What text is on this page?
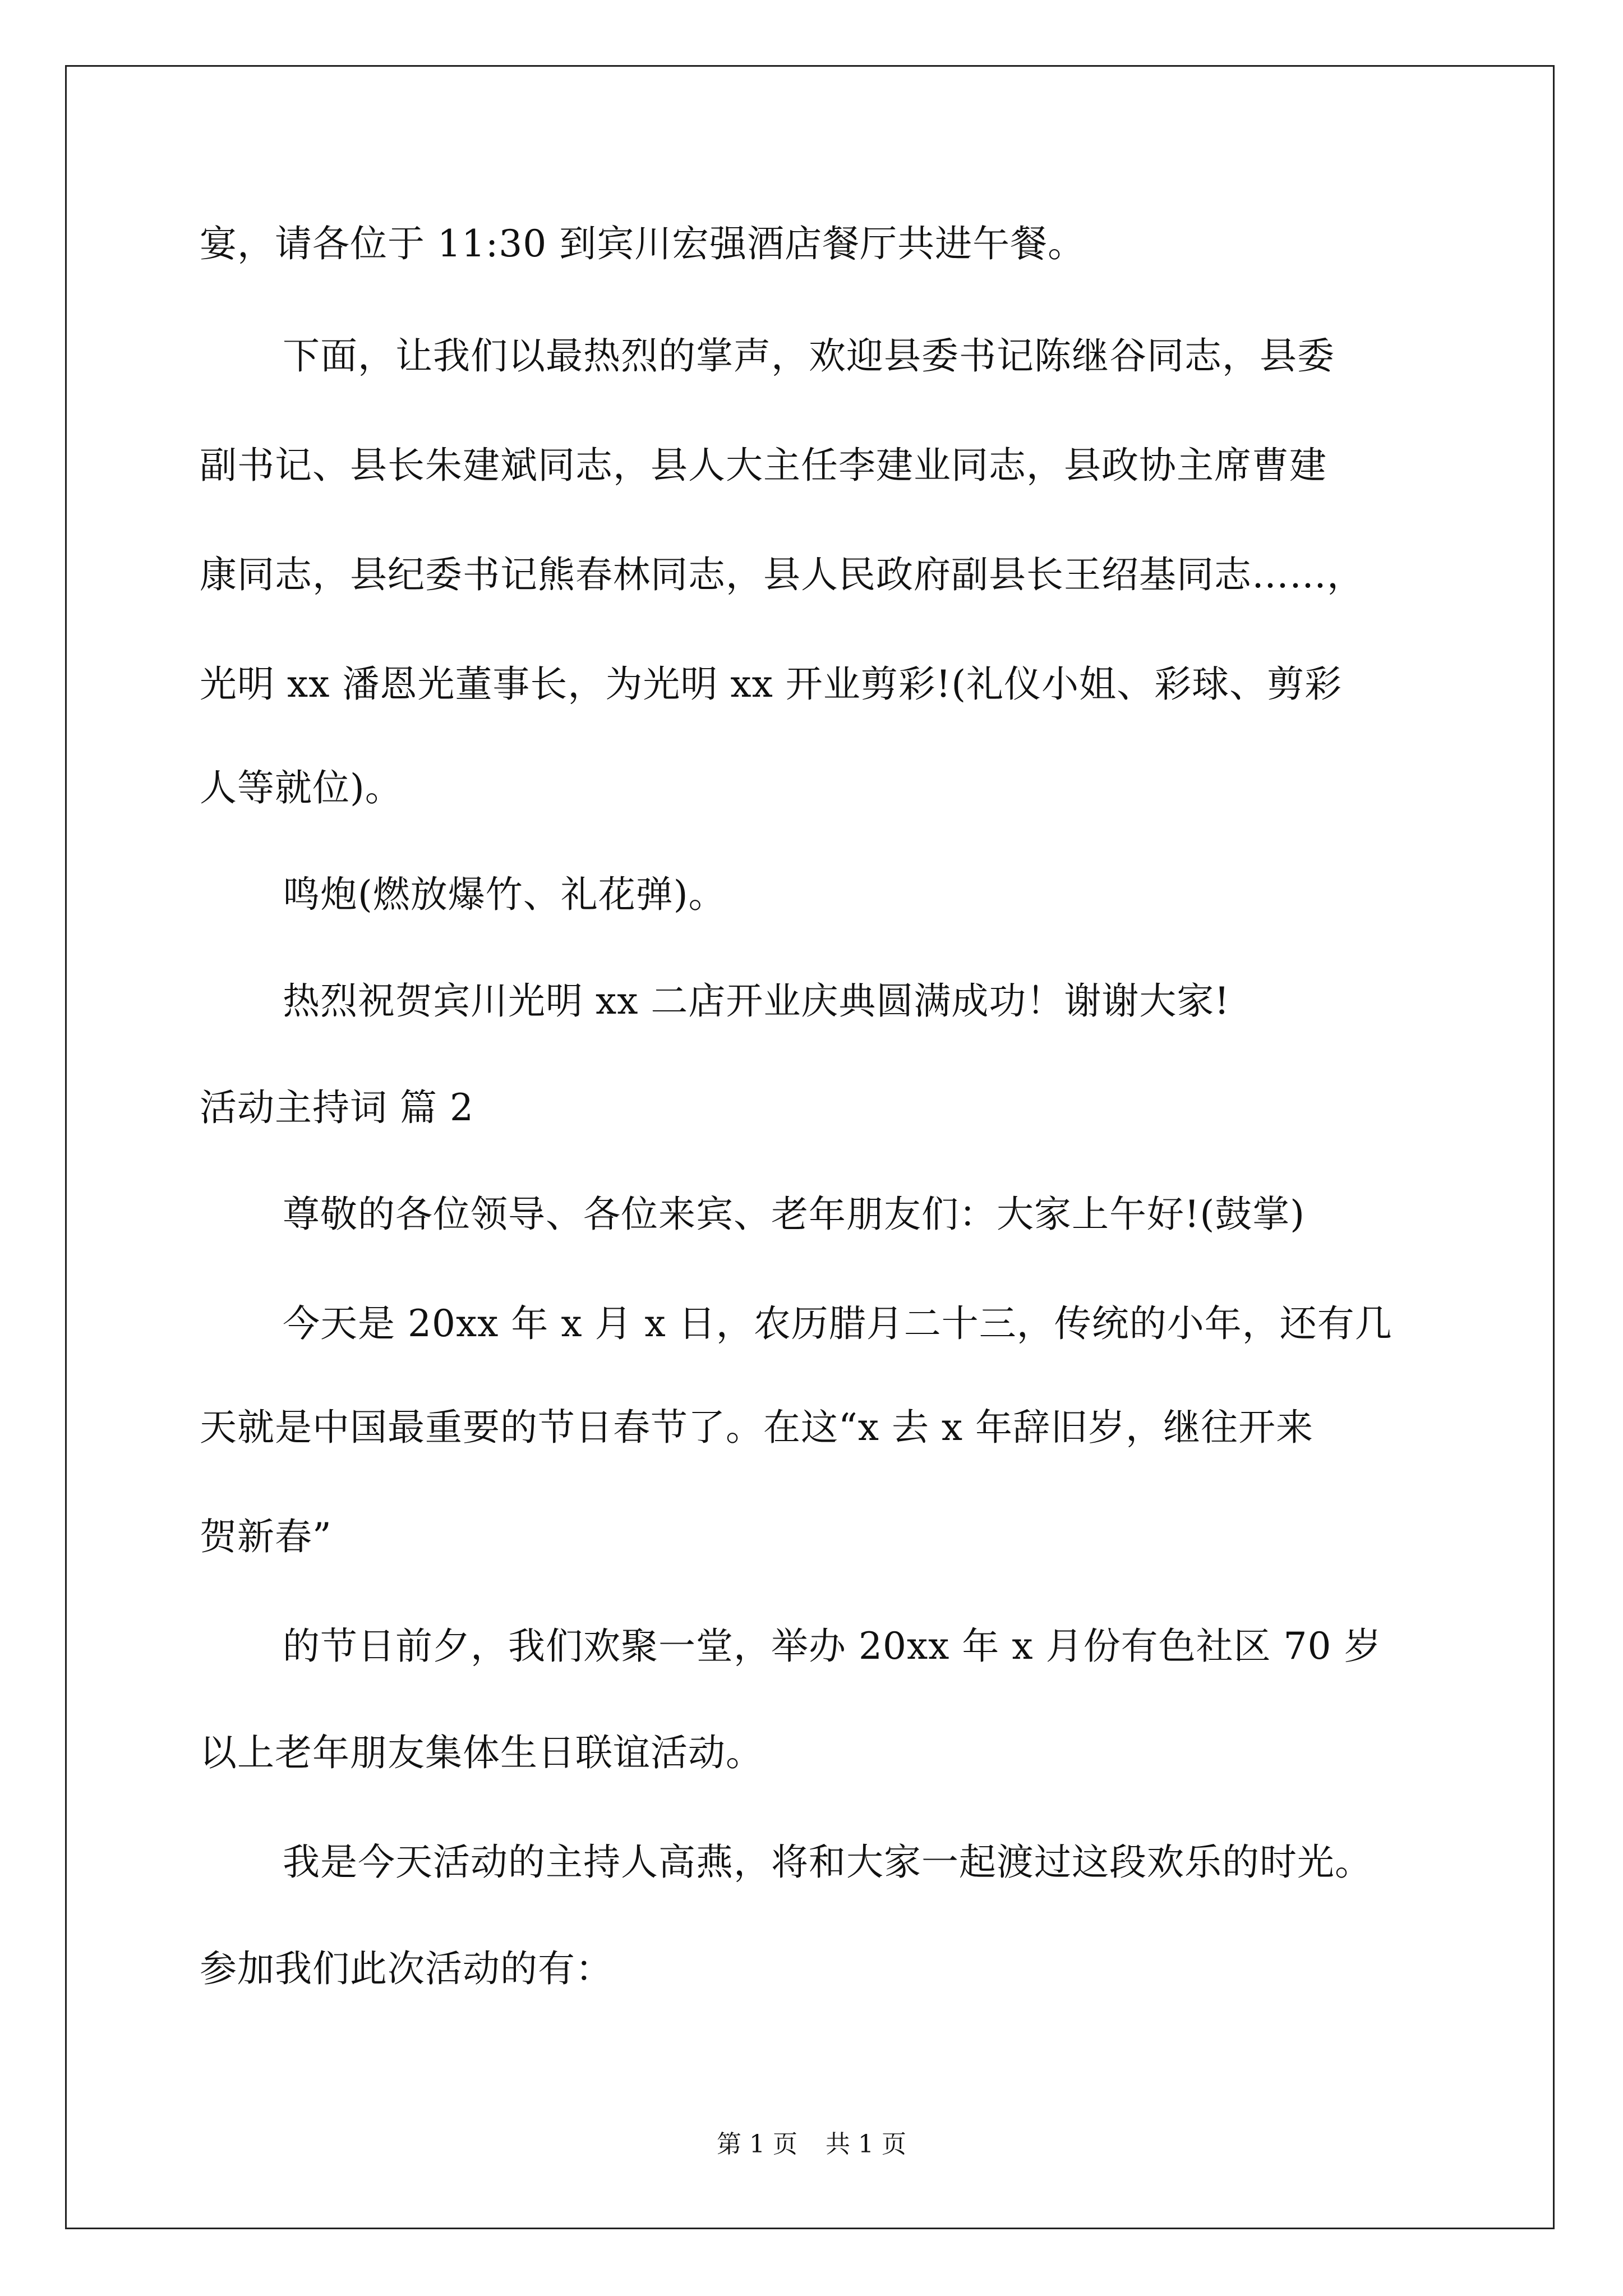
宴，请各位于 11:30 到宾川宏强酒店餐厅共进午餐。
下面，让我们以最热烈的掌声，欢迎县委书记陈继谷同志，县委
副书记、县长朱建斌同志，县人大主任李建业同志，县政协主席曹建
康同志，县纪委书记熊春林同志，县人民政府副县长王绍基同志……，
光明 xx 潘恩光董事长，为光明 xx 开业剪彩!(礼仪小姐、彩球、剪彩
人等就位)。
鸣炮(燃放爆竹、礼花弹)。
热烈祝贺宾川光明 xx 二店开业庆典圆满成功！谢谢大家!
活动主持词 篇 2
尊敬的各位领导、各位来宾、老年朋友们：大家上午好!(鼓掌)
今天是 20xx 年 x 月 x 日，农历腊月二十三，传统的小年，还有几
天就是中国最重要的节日春节了。在这“x 去 x 年辞旧岁，继往开来
贺新春”
的节日前夕，我们欢聚一堂，举办 20xx 年 x 月份有色社区 70 岁
以上老年朋友集体生日联谊活动。
我是今天活动的主持人高燕，将和大家一起渡过这段欢乐的时光。
参加我们此次活动的有：
第 1 页 共 1 页
